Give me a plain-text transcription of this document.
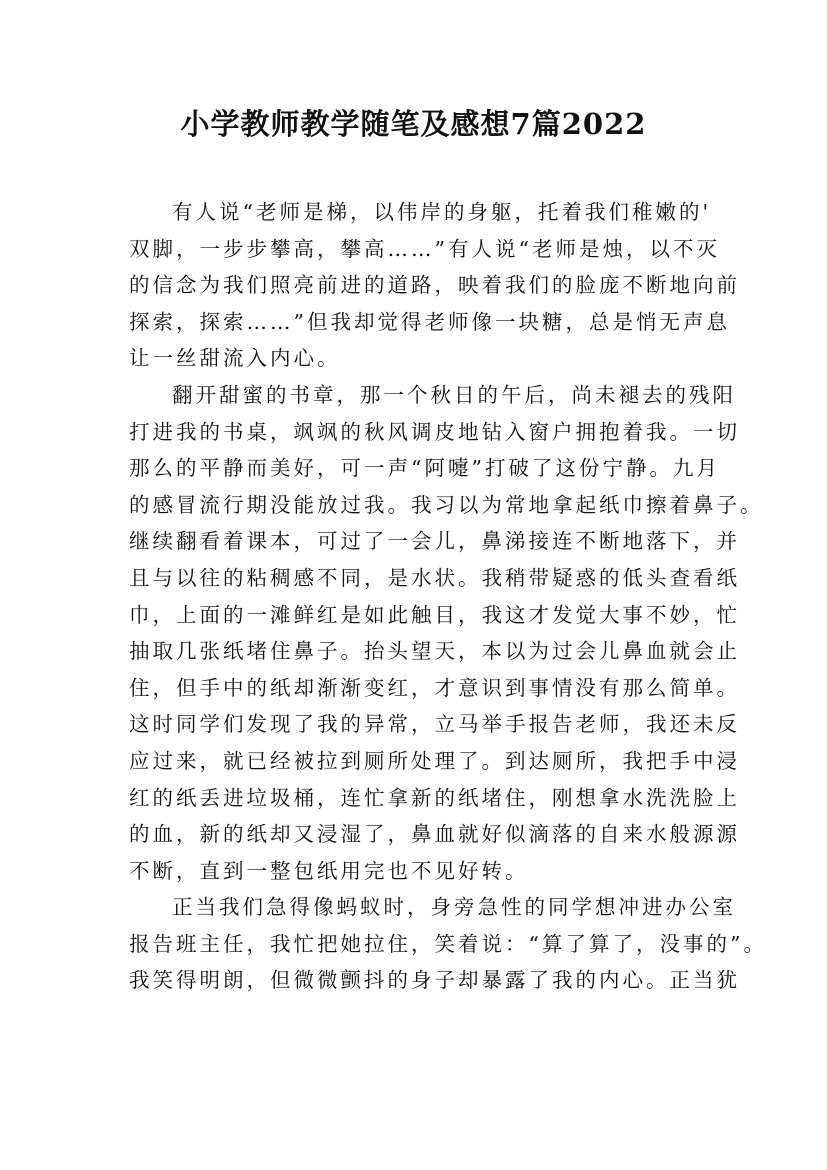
小学教师教学随笔及感想7篇2022
有人说“老师是梯，以伟岸的身躯，托着我们稚嫩的'
双脚，一步步攀高，攀高……”有人说“老师是烛，以不灭
的信念为我们照亮前进的道路，映着我们的脸庞不断地向前
探索，探索……”但我却觉得老师像一块糖，总是悄无声息
让一丝甜流入内心。
翻开甜蜜的书章，那一个秋日的午后，尚未褪去的残阳
打进我的书桌，飒飒的秋风调皮地钻入窗户拥抱着我。一切
那么的平静而美好，可一声“阿嚏”打破了这份宁静。九月
的感冒流行期没能放过我。我习以为常地拿起纸巾擦着鼻子。
继续翻看着课本，可过了一会儿，鼻涕接连不断地落下，并
且与以往的粘稠感不同，是水状。我稍带疑惑的低头查看纸
巾，上面的一滩鲜红是如此触目，我这才发觉大事不妙，忙
抽取几张纸堵住鼻子。抬头望天，本以为过会儿鼻血就会止
住，但手中的纸却渐渐变红，才意识到事情没有那么简单。
这时同学们发现了我的异常，立马举手报告老师，我还未反
应过来，就已经被拉到厕所处理了。到达厕所，我把手中浸
红的纸丢进垃圾桶，连忙拿新的纸堵住，刚想拿水洗洗脸上
的血，新的纸却又浸湿了，鼻血就好似滴落的自来水般源源
不断，直到一整包纸用完也不见好转。
正当我们急得像蚂蚁时，身旁急性的同学想冲进办公室
报告班主任，我忙把她拉住，笑着说：“算了算了，没事的”。
我笑得明朗，但微微颤抖的身子却暴露了我的内心。正当犹
